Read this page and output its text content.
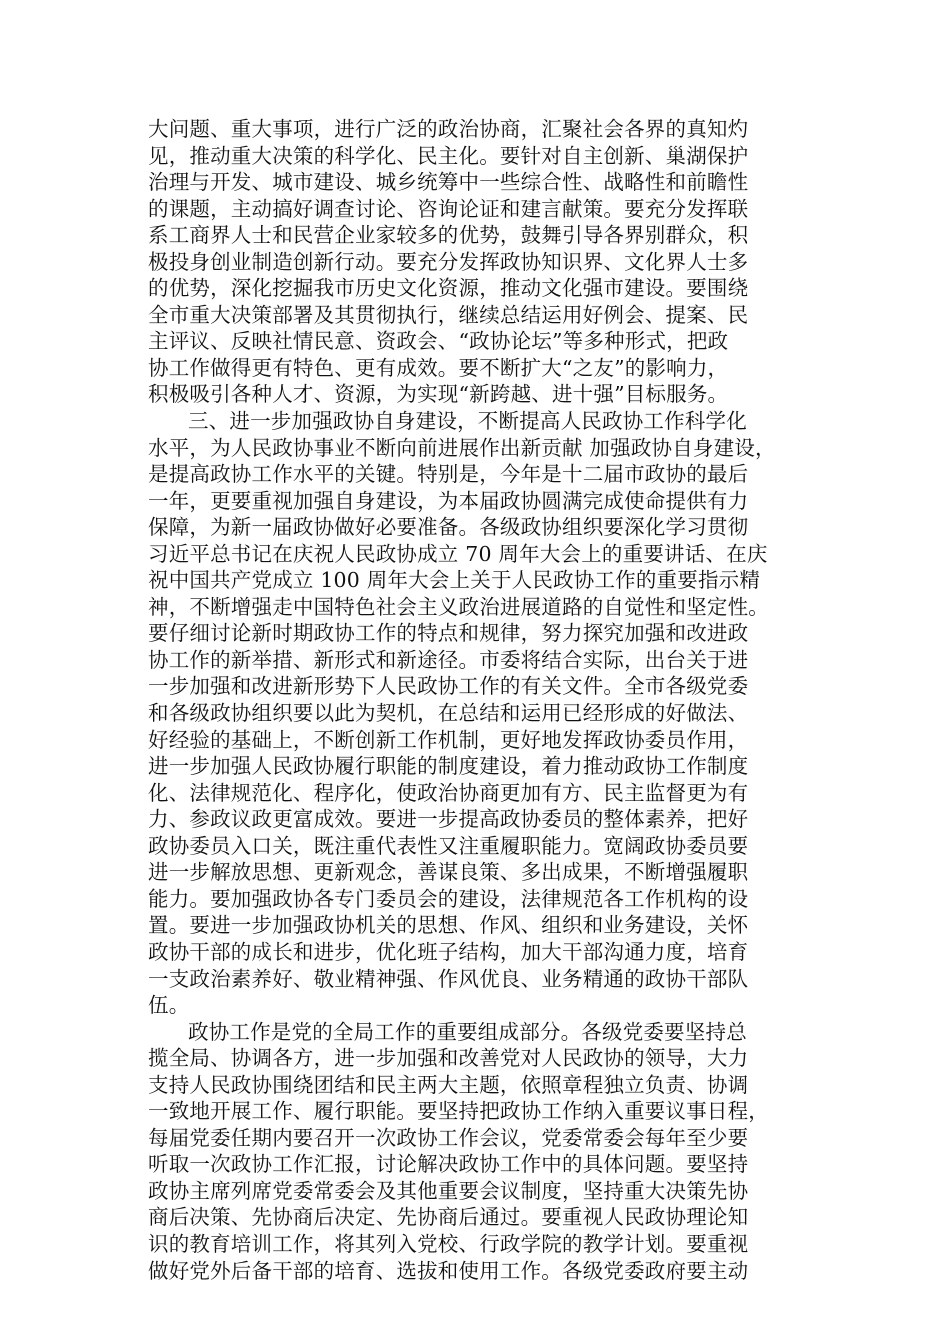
大问题、重大事项，进行广泛的政治协商，汇聚社会各界的真知灼
见，推动重大决策的科学化、民主化。要针对自主创新、巢湖保护
治理与开发、城市建设、城乡统筹中一些综合性、战略性和前瞻性
的课题，主动搞好调查讨论、咨询论证和建言献策。要充分发挥联
系工商界人士和民营企业家较多的优势，鼓舞引导各界别群众，积
极投身创业制造创新行动。要充分发挥政协知识界、文化界人士多
的优势，深化挖掘我市历史文化资源，推动文化强市建设。要围绕
全市重大决策部署及其贯彻执行，继续总结运用好例会、提案、民
主评议、反映社情民意、资政会、“政协论坛”等多种形式，把政
协工作做得更有特色、更有成效。要不断扩大“之友”的影响力，
积极吸引各种人才、资源，为实现“新跨越、进十强”目标服务。
三、进一步加强政协自身建设，不断提高人民政协工作科学化
水平，为人民政协事业不断向前进展作出新贡献 加强政协自身建设，
是提高政协工作水平的关键。特别是，今年是十二届市政协的最后
一年，更要重视加强自身建设，为本届政协圆满完成使命提供有力
保障，为新一届政协做好必要准备。各级政协组织要深化学习贯彻
习近平总书记在庆祝人民政协成立 70 周年大会上的重要讲话、在庆
祝中国共产党成立 100 周年大会上关于人民政协工作的重要指示精
神，不断增强走中国特色社会主义政治进展道路的自觉性和坚定性。
要仔细讨论新时期政协工作的特点和规律，努力探究加强和改进政
协工作的新举措、新形式和新途径。市委将结合实际，出台关于进
一步加强和改进新形势下人民政协工作的有关文件。全市各级党委
和各级政协组织要以此为契机，在总结和运用已经形成的好做法、
好经验的基础上，不断创新工作机制，更好地发挥政协委员作用，
进一步加强人民政协履行职能的制度建设，着力推动政协工作制度
化、法律规范化、程序化，使政治协商更加有方、民主监督更为有
力、参政议政更富成效。要进一步提高政协委员的整体素养，把好
政协委员入口关，既注重代表性又注重履职能力。宽阔政协委员要
进一步解放思想、更新观念，善谋良策、多出成果，不断增强履职
能力。要加强政协各专门委员会的建设，法律规范各工作机构的设
置。要进一步加强政协机关的思想、作风、组织和业务建设，关怀
政协干部的成长和进步，优化班子结构，加大干部沟通力度，培育
一支政治素养好、敬业精神强、作风优良、业务精通的政协干部队
伍。
政协工作是党的全局工作的重要组成部分。各级党委要坚持总
揽全局、协调各方，进一步加强和改善党对人民政协的领导，大力
支持人民政协围绕团结和民主两大主题，依照章程独立负责、协调
一致地开展工作、履行职能。要坚持把政协工作纳入重要议事日程，
每届党委任期内要召开一次政协工作会议，党委常委会每年至少要
听取一次政协工作汇报，讨论解决政协工作中的具体问题。要坚持
政协主席列席党委常委会及其他重要会议制度，坚持重大决策先协
商后决策、先协商后决定、先协商后通过。要重视人民政协理论知
识的教育培训工作，将其列入党校、行政学院的教学计划。要重视
做好党外后备干部的培育、选拔和使用工作。各级党委政府要主动
